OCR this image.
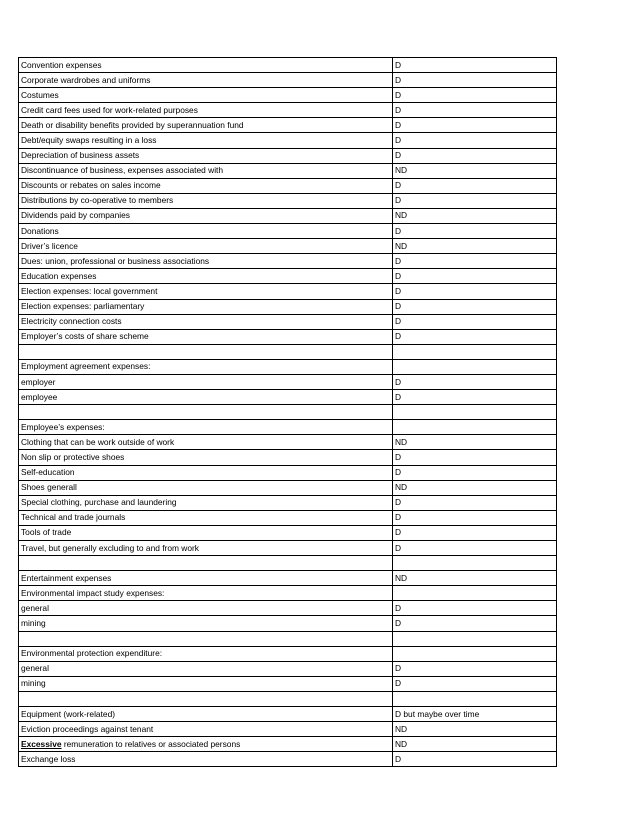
Convention expenses	D
Corporate wardrobes and uniforms	D
Costumes	D
Credit card fees used for work-related purposes	D
Death or disability benefits provided by superannuation fund	D
Debt/equity swaps resulting in a loss	D
Depreciation of business assets	D
Discontinuance of business, expenses associated with	ND
Discounts or rebates on sales income	D
Distributions by co-operative to members	D
Dividends paid by companies	ND
Donations	D
Driver’s licence	ND
Dues: union, professional or business associations	D
Education expenses	D
Election expenses: local government	D
Election expenses: parliamentary	D
Electricity connection costs	D
Employer’s costs of share scheme	D

Employment agreement expenses:	
employer	D
employee	D

Employee’s expenses:	
Clothing that can be work outside of work	ND
Non slip or protective shoes	D
Self-education	D
Shoes generall	ND
Special clothing, purchase and laundering	D
Technical and trade journals	D
Tools of trade	D
Travel, but generally excluding to and from work	D

Entertainment expenses	ND
Environmental impact study expenses:	
general	D
mining	D

Environmental protection expenditure:	
general	D
mining	D

Equipment (work-related)	D but maybe over time
Eviction proceedings against tenant	ND
Excessive remuneration to relatives or associated persons	ND
Exchange loss	D
